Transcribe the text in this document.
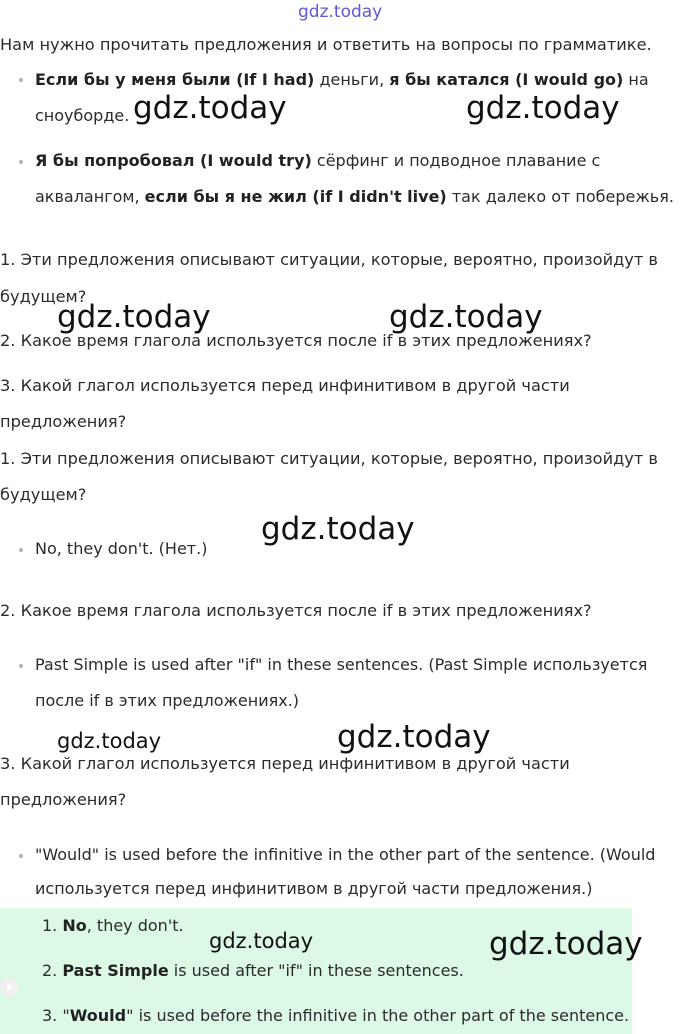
gdz.today
Нам нужно прочитать предложения и ответить на вопросы по грамматике.
Если бы у меня были (If I had) деньги, я бы катался (I would go) на
сноуборде. gdz.today	gdz.today
Я бы попробовал (I would try) сёрфинг и подводное плавание с
аквалангом, если бы я не жил (if I didn't live) так далеко от побережья.
1. Эти предложения описывают ситуации, которые, вероятно, произойдут в
будущем?
gdz.today	gdz.today
2. Какое время глагола используется после if в этих предложениях?
3. Какой глагол используется перед инфинитивом в другой части
предложения?
1. Эти предложения описывают ситуации, которые, вероятно, произойдут в
будущем?
gdz.today
No, they don't. (Нет.)
2. Какое время глагола используется после if в этих предложениях?
Past Simple is used after "if" in these sentences. (Past Simple используется
после if в этих предложениях.)
gdz.today	gdz.today
3. Какой глагол используется перед инфинитивом в другой части
предложения?
"Would" is used before the infinitive in the other part of the sentence. (Would
используется перед инфинитивом в другой части предложения.)
1. No, they don't.
gdz.today	gdz.today
2. Past Simple is used after "if" in these sentences.
3. "Would" is used before the infinitive in the other part of the sentence.
